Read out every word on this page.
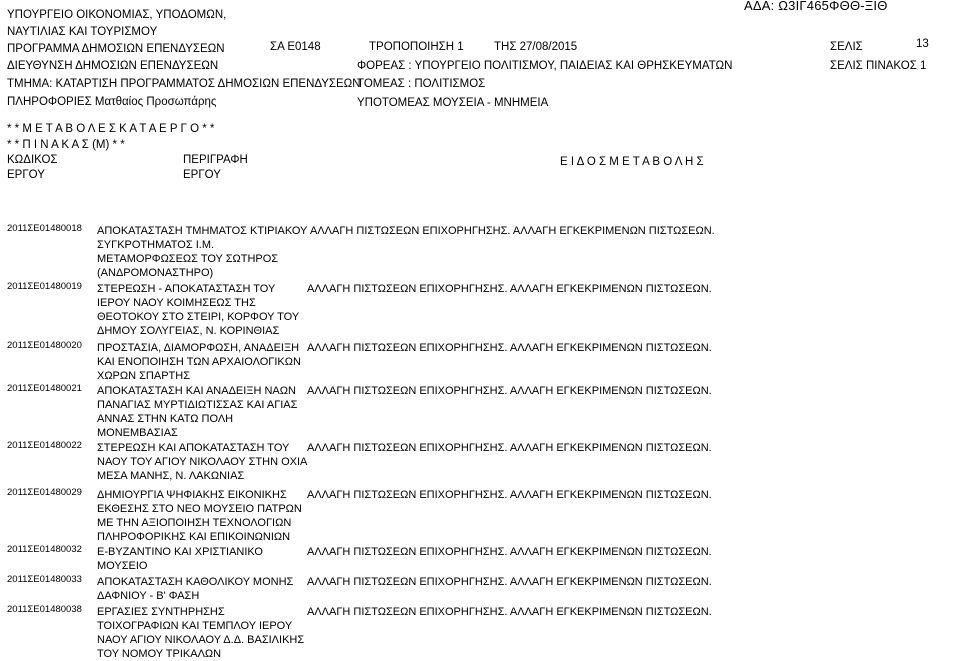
ΥΠΟΥΡΓΕΙΟ ΟΙΚΟΝΟΜΙΑΣ, ΥΠΟΔΟΜΩΝ,
ΝΑΥΤΙΛΙΑΣ ΚΑΙ ΤΟΥΡΙΣΜΟΥ
ΠΡΟΓΡΑΜΜΑ ΔΗΜΟΣΙΩΝ ΕΠΕΝΔΥΣΕΩΝ
ΔΙΕΥΘΥΝΣΗ ΔΗΜΟΣΙΩΝ ΕΠΕΝΔΥΣΕΩΝ
ΤΜΗΜΑ: ΚΑΤΑΡΤΙΣΗ ΠΡΟΓΡΑΜΜΑΤΟΣ ΔΗΜΟΣΙΩΝ ΕΠΕΝΔΥΣΕΩΝ
ΠΛΗΡΟΦΟΡΙΕΣ Ματθαίος Προσωπάρης
ΣΑ Ε0148	ΤΡΟΠΟΠΟΙΗΣΗ 1	ΤΗΣ 27/08/2015
ΦΟΡΕΑΣ : ΥΠΟΥΡΓΕΙΟ ΠΟΛΙΤΙΣΜΟΥ, ΠΑΙΔΕΙΑΣ ΚΑΙ ΘΡΗΣΚΕΥΜΑΤΩΝ
ΤΟΜΕΑΣ : ΠΟΛΙΤΙΣΜΟΣ
ΥΠΟΤΟΜΕΑΣ ΜΟΥΣΕΙΑ - ΜΝΗΜΕΙΑ
ΑΔΑ: Ω3ΙΓ465ΦΘΘ-ΞΙΘ
ΣΕΛΙΣ	13
ΣΕΛΙΣ ΠΙΝΑΚΟΣ 1
* * Μ Ε Τ Α Β Ο Λ Ε Σ Κ Α Τ Α Ε Ρ Γ Ο * *
* * Π Ι Ν Α Κ Α Σ (Μ) * *
ΚΩΔΙΚΟΣ
ΕΡΓΟΥ
ΠΕΡΙΓΡΑΦΗ
ΕΡΓΟΥ
Ε Ι Δ Ο Σ Μ Ε Τ Α Β Ο Λ Η Σ
2011ΣΕ01480018 ΑΠΟΚΑΤΑΣΤΑΣΗ ΤΜΗΜΑΤΟΣ ΚΤΙΡΙΑΚΟΥ
ΣΥΓΚΡΟΤΗΜΑΤΟΣ Ι.Μ.
ΜΕΤΑΜΟΡΦΩΣΕΩΣ ΤΟΥ ΣΩΤΗΡΟΣ
(ΑΝΔΡΟΜΟΝΑΣΤΗΡΟ)
ΑΛΛΑΓΗ ΠΙΣΤΩΣΕΩΝ ΕΠΙΧΟΡΗΓΗΣΗΣ. ΑΛΛΑΓΗ ΕΓΚΕΚΡΙΜΕΝΩΝ ΠΙΣΤΩΣΕΩΝ.
2011ΣΕ01480019 ΣΤΕΡΕΩΣΗ - ΑΠΟΚΑΤΑΣΤΑΣΗ ΤΟΥ
ΙΕΡΟΥ ΝΑΟΥ ΚΟΙΜΗΣΕΩΣ ΤΗΣ
ΘΕΟΤΟΚΟΥ ΣΤΟ ΣΤΕΙΡΙ, ΚΟΡΦΟΥ ΤΟΥ
ΔΗΜΟΥ ΣΟΛΥΓΕΙΑΣ, Ν. ΚΟΡΙΝΘΙΑΣ
ΑΛΛΑΓΗ ΠΙΣΤΩΣΕΩΝ ΕΠΙΧΟΡΗΓΗΣΗΣ. ΑΛΛΑΓΗ ΕΓΚΕΚΡΙΜΕΝΩΝ ΠΙΣΤΩΣΕΩΝ.
2011ΣΕ01480020 ΠΡΟΣΤΑΣΙΑ, ΔΙΑΜΟΡΦΩΣΗ, ΑΝΑΔΕΙΞΗ
ΚΑΙ ΕΝΟΠΟΙΗΣΗ ΤΩΝ ΑΡΧΑΙΟΛΟΓΙΚΩΝ
ΧΩΡΩΝ ΣΠΑΡΤΗΣ
ΑΛΛΑΓΗ ΠΙΣΤΩΣΕΩΝ ΕΠΙΧΟΡΗΓΗΣΗΣ. ΑΛΛΑΓΗ ΕΓΚΕΚΡΙΜΕΝΩΝ ΠΙΣΤΩΣΕΩΝ.
2011ΣΕ01480021 ΑΠΟΚΑΤΑΣΤΑΣΗ ΚΑΙ ΑΝΑΔΕΙΞΗ ΝΑΩΝ
ΠΑΝΑΓΙΑΣ ΜΥΡΤΙΔΙΩΤΙΣΣΑΣ ΚΑΙ ΑΓΙΑΣ
ΑΝΝΑΣ ΣΤΗΝ ΚΑΤΩ ΠΟΛΗ
ΜΟΝΕΜΒΑΣΙΑΣ
ΑΛΛΑΓΗ ΠΙΣΤΩΣΕΩΝ ΕΠΙΧΟΡΗΓΗΣΗΣ. ΑΛΛΑΓΗ ΕΓΚΕΚΡΙΜΕΝΩΝ ΠΙΣΤΩΣΕΩΝ.
2011ΣΕ01480022 ΣΤΕΡΕΩΣΗ ΚΑΙ ΑΠΟΚΑΤΑΣΤΑΣΗ ΤΟΥ
ΝΑΟΥ ΤΟΥ ΑΓΙΟΥ ΝΙΚΟΛΑΟΥ ΣΤΗΝ ΟΧΙΑ
ΜΕΣΑ ΜΑΝΗΣ, Ν. ΛΑΚΩΝΙΑΣ
ΑΛΛΑΓΗ ΠΙΣΤΩΣΕΩΝ ΕΠΙΧΟΡΗΓΗΣΗΣ. ΑΛΛΑΓΗ ΕΓΚΕΚΡΙΜΕΝΩΝ ΠΙΣΤΩΣΕΩΝ.
2011ΣΕ01480029 ΔΗΜΙΟΥΡΓΙΑ ΨΗΦΙΑΚΗΣ ΕΙΚΟΝΙΚΗΣ
ΕΚΘΕΣΗΣ ΣΤΟ ΝΕΟ ΜΟΥΣΕΙΟ ΠΑΤΡΩΝ
ΜΕ ΤΗΝ ΑΞΙΟΠΟΙΗΣΗ ΤΕΧΝΟΛΟΓΙΩΝ
ΠΛΗΡΟΦΟΡΙΚΗΣ ΚΑΙ ΕΠΙΚΟΙΝΩΝΙΩΝ
ΑΛΛΑΓΗ ΠΙΣΤΩΣΕΩΝ ΕΠΙΧΟΡΗΓΗΣΗΣ. ΑΛΛΑΓΗ ΕΓΚΕΚΡΙΜΕΝΩΝ ΠΙΣΤΩΣΕΩΝ.
2011ΣΕ01480032 Ε-ΒΥΖΑΝΤΙΝΟ ΚΑΙ ΧΡΙΣΤΙΑΝΙΚΟ
ΜΟΥΣΕΙΟ
ΑΛΛΑΓΗ ΠΙΣΤΩΣΕΩΝ ΕΠΙΧΟΡΗΓΗΣΗΣ. ΑΛΛΑΓΗ ΕΓΚΕΚΡΙΜΕΝΩΝ ΠΙΣΤΩΣΕΩΝ.
2011ΣΕ01480033 ΑΠΟΚΑΤΑΣΤΑΣΗ ΚΑΘΟΛΙΚΟΥ ΜΟΝΗΣ
ΔΑΦΝΙΟΥ - Β' ΦΑΣΗ
ΑΛΛΑΓΗ ΠΙΣΤΩΣΕΩΝ ΕΠΙΧΟΡΗΓΗΣΗΣ. ΑΛΛΑΓΗ ΕΓΚΕΚΡΙΜΕΝΩΝ ΠΙΣΤΩΣΕΩΝ.
2011ΣΕ01480038 ΕΡΓΑΣΙΕΣ ΣΥΝΤΗΡΗΣΗΣ
ΤΟΙΧΟΓΡΑΦΙΩΝ ΚΑΙ ΤΕΜΠΛΟΥ ΙΕΡΟΥ
ΝΑΟΥ ΑΓΙΟΥ ΝΙΚΟΛΑΟΥ Δ.Δ. ΒΑΣΙΛΙΚΗΣ
ΤΟΥ ΝΟΜΟΥ ΤΡΙΚΑΛΩΝ
ΑΛΛΑΓΗ ΠΙΣΤΩΣΕΩΝ ΕΠΙΧΟΡΗΓΗΣΗΣ. ΑΛΛΑΓΗ ΕΓΚΕΚΡΙΜΕΝΩΝ ΠΙΣΤΩΣΕΩΝ.
